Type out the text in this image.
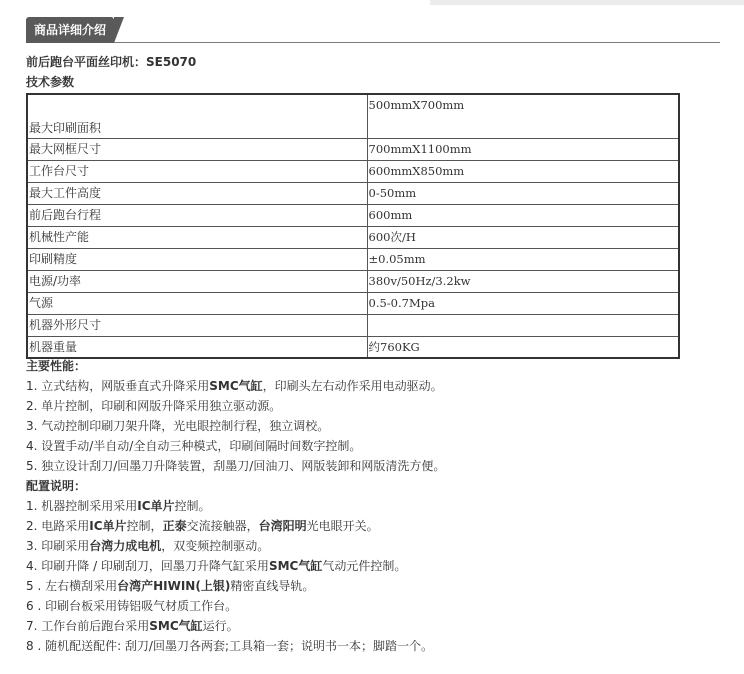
商品详细介绍
前后跑台平面丝印机：SE5070
技术参数
最大印刷面积	500mmX700mm
最大网框尺寸	700mmX1100mm
工作台尺寸	600mmX850mm
最大工件高度	0-50mm
前后跑台行程	600mm
机械性产能	600次/H
印刷精度	±0.05mm
电源/功率	380v/50Hz/3.2kw
气源	0.5-0.7Mpa
机器外形尺寸	
机器重量	约760KG
主要性能：
1. 立式结构，网版垂直式升降采用SMC气缸，印刷头左右动作采用电动驱动。
2. 单片控制，印刷和网版升降采用独立驱动源。
3. 气动控制印刷刀架升降，光电眼控制行程，独立调校。
4. 设置手动/半自动/全自动三种模式，印刷间隔时间数字控制。
5. 独立设计刮刀/回墨刀升降装置，刮墨刀/回油刀、网版装卸和网版清洗方便。
配置说明：
1. 机器控制采用采用IC单片控制。
2. 电路采用IC单片控制，正泰交流接触器，台湾阳明光电眼开关。
3. 印刷采用台湾力成电机，双变频控制驱动。
4. 印刷升降 / 印刷刮刀，回墨刀升降气缸采用SMC气缸气动元件控制。
5 . 左右横刮采用台湾产HIWIN(上银)精密直线导轨。
6 . 印刷台板采用铸铝吸气材质工作台。
7. 工作台前后跑台采用SMC气缸运行。
8 . 随机配送配件: 刮刀/回墨刀各两套;工具箱一套；说明书一本；脚踏一个。
